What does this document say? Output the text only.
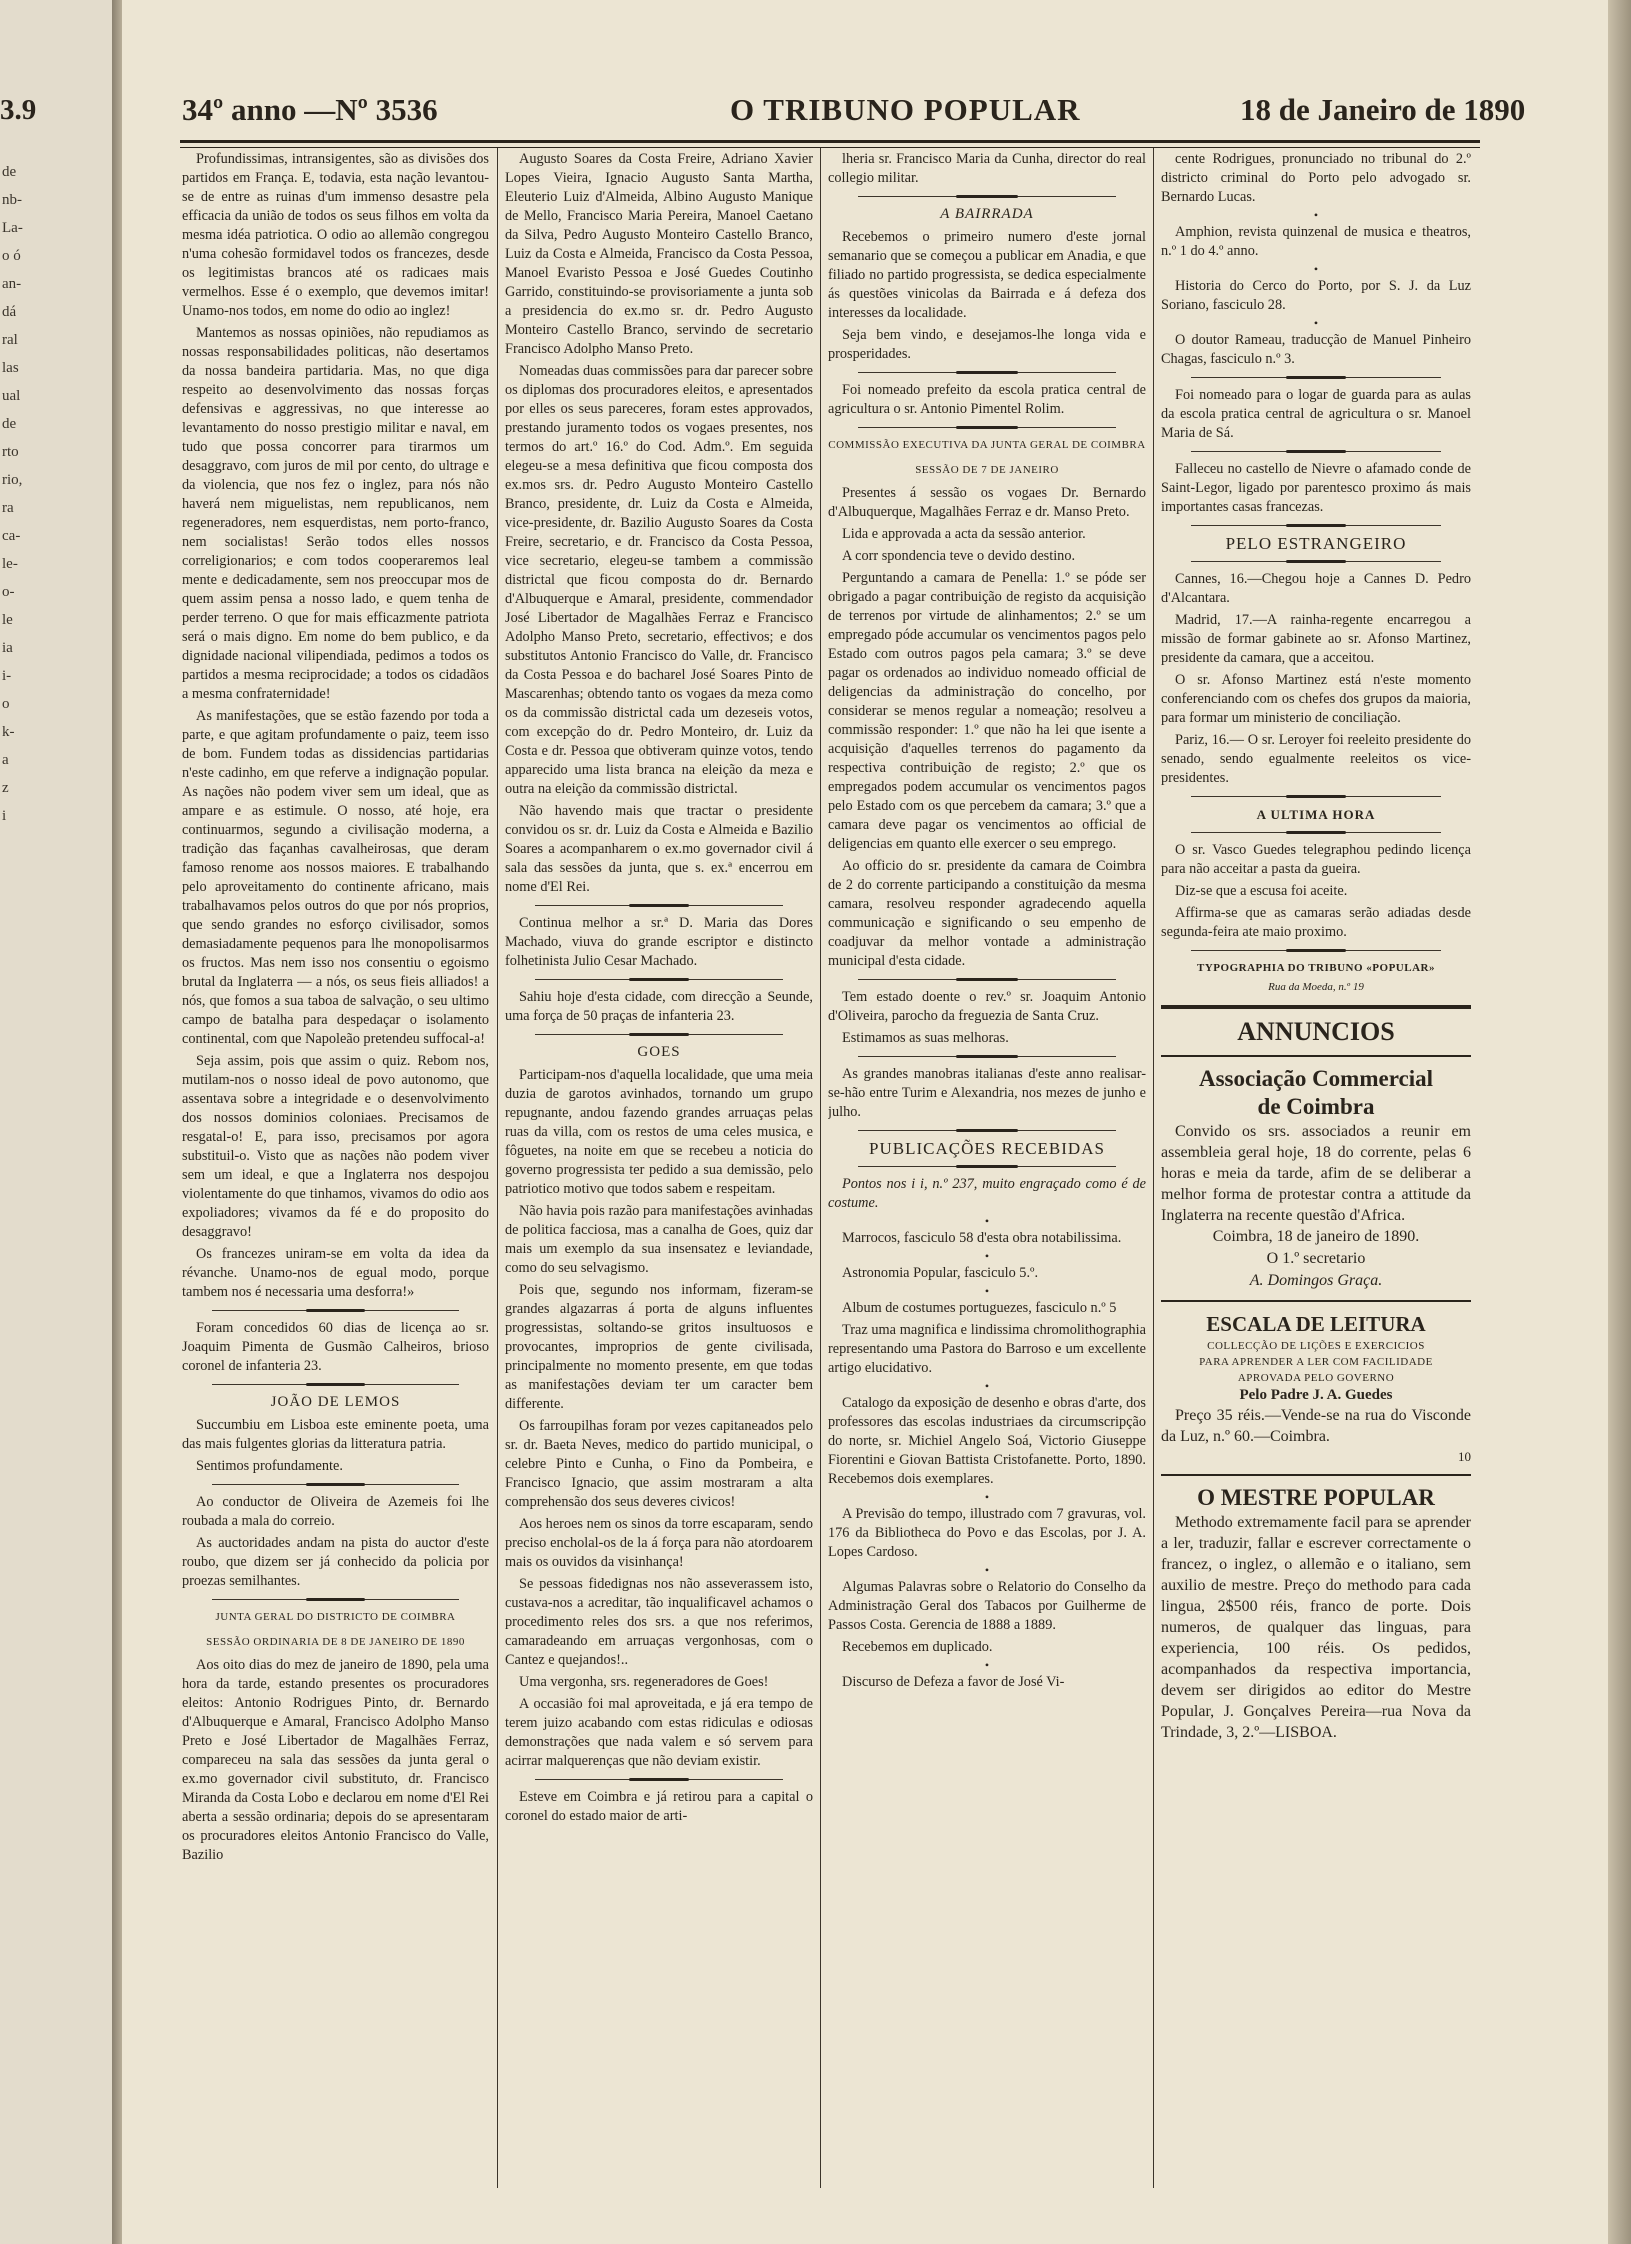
3.9
de
nb-
La-
o ó
an-
dá
ral
las
ual
de
rto
rio,
ra
ca-
le-
o-
le
ia
i-
o
k-
a
z
i
34º anno —Nº 3536	O TRIBUNO POPULAR	18 de Janeiro de 1890

Profundissimas, intransigentes, são as divisões dos partidos em França. E, todavia, esta nação levantou-se de entre as ruinas d'um immenso desastre pela efficacia da união de todos os seus filhos em volta da mesma idéa patriotica. O odio ao allemão congregou n'uma cohesão formidavel todos os francezes, desde os legitimistas brancos até os radicaes mais vermelhos. Esse é o exemplo, que devemos imitar! Unamo-nos todos, em nome do odio ao inglez!

Mantemos as nossas opiniões, não repudiamos as nossas responsabilidades politicas, não desertamos da nossa bandeira partidaria. Mas, no que diga respeito ao desenvolvimento das nossas forças defensivas e aggressivas, no que interesse ao levantamento do nosso prestigio militar e naval, em tudo que possa concorrer para tirarmos um desaggravo, com juros de mil por cento, do ultrage e da violencia, que nos fez o inglez, para nós não haverá nem miguelistas, nem republicanos, nem regeneradores, nem esquerdistas, nem porto-franco, nem socialistas! Serão todos elles nossos correligionarios; e com todos cooperaremos leal mente e dedicadamente, sem nos preoccupar mos de quem assim pensa a nosso lado, e quem tenha de perder terreno. O que for mais efficazmente patriota será o mais digno. Em nome do bem publico, e da dignidade nacional vilipendiada, pedimos a todos os partidos a mesma reciprocidade; a todos os cidadãos a mesma confraternidade!

As manifestações, que se estão fazendo por toda a parte, e que agitam profundamente o paiz, teem isso de bom. Fundem todas as dissidencias partidarias n'este cadinho, em que referve a indignação popular. As nações não podem viver sem um ideal, que as ampare e as estimule. O nosso, até hoje, era continuarmos, segundo a civilisação moderna, a tradição das façanhas cavalheirosas, que deram famoso renome aos nossos maiores. E trabalhando pelo aproveitamento do continente africano, mais trabalhavamos pelos outros do que por nós proprios, que sendo grandes no esforço civilisador, somos demasiadamente pequenos para lhe monopolisarmos os fructos. Mas nem isso nos consentiu o egoismo brutal da Inglaterra — a nós, os seus fieis alliados! a nós, que fomos a sua taboa de salvação, o seu ultimo campo de batalha para despedaçar o isolamento continental, com que Napoleão pretendeu suffocal-a!

Seja assim, pois que assim o quiz. Rebom nos, mutilam-nos o nosso ideal de povo autonomo, que assentava sobre a integridade e o desenvolvimento dos nossos dominios coloniaes. Precisamos de resgatal-o! E, para isso, precisamos por agora substituil-o. Visto que as nações não podem viver sem um ideal, e que a Inglaterra nos despojou violentamente do que tinhamos, vivamos do odio aos expoliadores; vivamos da fé e do proposito do desaggravo!

Os francezes uniram-se em volta da idea da révanche. Unamo-nos de egual modo, porque tambem nos é necessaria uma desforra!»

Foram concedidos 60 dias de licença ao sr. Joaquim Pimenta de Gusmão Calheiros, brioso coronel de infanteria 23.

JOÃO DE LEMOS

Succumbiu em Lisboa este eminente poeta, uma das mais fulgentes glorias da litteratura patria.

Sentimos profundamente.

Ao conductor de Oliveira de Azemeis foi lhe roubada a mala do correio.

As auctoridades andam na pista do auctor d'este roubo, que dizem ser já conhecido da policia por proezas semilhantes.

JUNTA GERAL DO DISTRICTO DE COIMBRA
SESSÃO ORDINARIA DE 8 DE JANEIRO DE 1890

Aos oito dias do mez de janeiro de 1890, pela uma hora da tarde, estando presentes os procuradores eleitos: Antonio Rodrigues Pinto, dr. Bernardo d'Albuquerque e Amaral, Francisco Adolpho Manso Preto e José Libertador de Magalhães Ferraz, compareceu na sala das sessões da junta geral o ex.mo governador civil substituto, dr. Francisco Miranda da Costa Lobo e declarou em nome d'El Rei aberta a sessão ordinaria; depois do se apresentaram os procuradores eleitos Antonio Francisco do Valle, Bazilio

Augusto Soares da Costa Freire, Adriano Xavier Lopes Vieira, Ignacio Augusto Santa Martha, Eleuterio Luiz d'Almeida, Albino Augusto Manique de Mello, Francisco Maria Pereira, Manoel Caetano da Silva, Pedro Augusto Monteiro Castello Branco, Luiz da Costa e Almeida, Francisco da Costa Pessoa, Manoel Evaristo Pessoa e José Guedes Coutinho Garrido, constituindo-se provisoriamente a junta sob a presidencia do ex.mo sr. dr. Pedro Augusto Monteiro Castello Branco, servindo de secretario Francisco Adolpho Manso Preto.

Nomeadas duas commissões para dar parecer sobre os diplomas dos procuradores eleitos, e apresentados por elles os seus pareceres, foram estes approvados, prestando juramento todos os vogaes presentes, nos termos do art.º 16.º do Cod. Adm.º. Em seguida elegeu-se a mesa definitiva que ficou composta dos ex.mos srs. dr. Pedro Augusto Monteiro Castello Branco, presidente, dr. Luiz da Costa e Almeida, vice-presidente, dr. Bazilio Augusto Soares da Costa Freire, secretario, e dr. Francisco da Costa Pessoa, vice secretario, elegeu-se tambem a commissão districtal que ficou composta do dr. Bernardo d'Albuquerque e Amaral, presidente, commendador José Libertador de Magalhães Ferraz e Francisco Adolpho Manso Preto, secretario, effectivos; e dos substitutos Antonio Francisco do Valle, dr. Francisco da Costa Pessoa e do bacharel José Soares Pinto de Mascarenhas; obtendo tanto os vogaes da meza como os da commissão districtal cada um dezeseis votos, com excepção do dr. Pedro Monteiro, dr. Luiz da Costa e dr. Pessoa que obtiveram quinze votos, tendo apparecido uma lista branca na eleição da meza e outra na eleição da commissão districtal.

Não havendo mais que tractar o presidente convidou os sr. dr. Luiz da Costa e Almeida e Bazilio Soares a acompanharem o ex.mo governador civil á sala das sessões da junta, que s. ex.ª encerrou em nome d'El Rei.

Continua melhor a sr.ª D. Maria das Dores Machado, viuva do grande escriptor e distincto folhetinista Julio Cesar Machado.

Sahiu hoje d'esta cidade, com direcção a Seunde, uma força de 50 praças de infanteria 23.

GOES

Participam-nos d'aquella localidade, que uma meia duzia de garotos avinhados, tornando um grupo repugnante, andou fazendo grandes arruaças pelas ruas da villa, com os restos de uma celes musica, e fôguetes, na noite em que se recebeu a noticia do governo progressista ter pedido a sua demissão, pelo patriotico motivo que todos sabem e respeitam.

Não havia pois razão para manifestações avinhadas de politica facciosa, mas a canalha de Goes, quiz dar mais um exemplo da sua insensatez e leviandade, como do seu selvagismo.

Pois que, segundo nos informam, fizeram-se grandes algazarras á porta de alguns influentes progressistas, soltando-se gritos insultuosos e provocantes, improprios de gente civilisada, principalmente no momento presente, em que todas as manifestações deviam ter um caracter bem differente.

Os farroupilhas foram por vezes capitaneados pelo sr. dr. Baeta Neves, medico do partido municipal, o celebre Pinto e Cunha, o Fino da Pombeira, e Francisco Ignacio, que assim mostraram a alta comprehensão dos seus deveres civicos!

Aos heroes nem os sinos da torre escaparam, sendo preciso encholal-os de la á força para não atordoarem mais os ouvidos da visinhança!

Se pessoas fidedignas nos não asseverassem isto, custava-nos a acreditar, tão inqualificavel achamos o procedimento reles dos srs. a que nos referimos, camaradeando em arruaças vergonhosas, com o Cantez e quejandos!..

Uma vergonha, srs. regeneradores de Goes!

A occasião foi mal aproveitada, e já era tempo de terem juizo acabando com estas ridiculas e odiosas demonstrações que nada valem e só servem para acirrar malquerenças que não deviam existir.

Esteve em Coimbra e já retirou para a capital o coronel do estado maior de arti-

lheria sr. Francisco Maria da Cunha, director do real collegio militar.

A BAIRRADA

Recebemos o primeiro numero d'este jornal semanario que se começou a publicar em Anadia, e que filiado no partido progressista, se dedica especialmente ás questões vinicolas da Bairrada e á defeza dos interesses da localidade.

Seja bem vindo, e desejamos-lhe longa vida e prosperidades.

Foi nomeado prefeito da escola pratica central de agricultura o sr. Antonio Pimentel Rolim.

COMMISSÃO EXECUTIVA DA JUNTA GERAL DE COIMBRA
SESSÃO DE 7 DE JANEIRO

Presentes á sessão os vogaes Dr. Bernardo d'Albuquerque, Magalhães Ferraz e dr. Manso Preto.

Lida e approvada a acta da sessão anterior.

A corr spondencia teve o devido destino.

Perguntando a camara de Penella: 1.º se póde ser obrigado a pagar contribuição de registo da acquisição de terrenos por virtude de alinhamentos; 2.º se um empregado póde accumular os vencimentos pagos pelo Estado com outros pagos pela camara; 3.º se deve pagar os ordenados ao individuo nomeado official de deligencias da administração do concelho, por considerar se menos regular a nomeação; resolveu a commissão responder: 1.º que não ha lei que isente a acquisição d'aquelles terrenos do pagamento da respectiva contribuição de registo; 2.º que os empregados podem accumular os vencimentos pagos pelo Estado com os que percebem da camara; 3.º que a camara deve pagar os vencimentos ao official de deligencias em quanto elle exercer o seu emprego.

Ao officio do sr. presidente da camara de Coimbra de 2 do corrente participando a constituição da mesma camara, resolveu responder agradecendo aquella communicação e significando o seu empenho de coadjuvar da melhor vontade a administração municipal d'esta cidade.

Tem estado doente o rev.º sr. Joaquim Antonio d'Oliveira, parocho da freguezia de Santa Cruz.

Estimamos as suas melhoras.

As grandes manobras italianas d'este anno realisar-se-hão entre Turim e Alexandria, nos mezes de junho e julho.

PUBLICAÇÕES RECEBIDAS

Pontos nos i i, n.º 237, muito engraçado como é de costume.

•

Marrocos, fasciculo 58 d'esta obra notabilissima.

•

Astronomia Popular, fasciculo 5.º.

•

Album de costumes portuguezes, fasciculo n.º 5

Traz uma magnifica e lindissima chromolithographia representando uma Pastora do Barroso e um excellente artigo elucidativo.

•

Catalogo da exposição de desenho e obras d'arte, dos professores das escolas industriaes da circumscripção do norte, sr. Michiel Angelo Soá, Victorio Giuseppe Fiorentini e Giovan Battista Cristofanette. Porto, 1890. Recebemos dois exemplares.

•

A Previsão do tempo, illustrado com 7 gravuras, vol. 176 da Bibliotheca do Povo e das Escolas, por J. A. Lopes Cardoso.

•

Algumas Palavras sobre o Relatorio do Conselho da Administração Geral dos Tabacos por Guilherme de Passos Costa. Gerencia de 1888 a 1889.

Recebemos em duplicado.

•

Discurso de Defeza a favor de José Vi-

cente Rodrigues, pronunciado no tribunal do 2.º districto criminal do Porto pelo advogado sr. Bernardo Lucas.

•

Amphion, revista quinzenal de musica e theatros, n.º 1 do 4.º anno.

•

Historia do Cerco do Porto, por S. J. da Luz Soriano, fasciculo 28.

•

O doutor Rameau, traducção de Manuel Pinheiro Chagas, fasciculo n.º 3.

Foi nomeado para o logar de guarda para as aulas da escola pratica central de agricultura o sr. Manoel Maria de Sá.

Falleceu no castello de Nievre o afamado conde de Saint-Legor, ligado por parentesco proximo ás mais importantes casas francezas.

PELO ESTRANGEIRO

Cannes, 16.—Chegou hoje a Cannes D. Pedro d'Alcantara.

Madrid, 17.—A rainha-regente encarregou a missão de formar gabinete ao sr. Afonso Martinez, presidente da camara, que a acceitou.

O sr. Afonso Martinez está n'este momento conferenciando com os chefes dos grupos da maioria, para formar um ministerio de conciliação.

Pariz, 16.— O sr. Leroyer foi reeleito presidente do senado, sendo egualmente reeleitos os vice-presidentes.

A ULTIMA HORA

O sr. Vasco Guedes telegraphou pedindo licença para não acceitar a pasta da gueira.

Diz-se que a escusa foi aceite.

Affirma-se que as camaras serão adiadas desde segunda-feira ate maio proximo.

TYPOGRAPHIA DO TRIBUNO «POPULAR»
Rua da Moeda, n.º 19
ANNUNCIOS
Associação Commercial
de Coimbra

Convido os srs. associados a reunir em assembleia geral hoje, 18 do corrente, pelas 6 horas e meia da tarde, afim de se deliberar a melhor forma de protestar contra a attitude da Inglaterra na recente questão d'Africa.

Coimbra, 18 de janeiro de 1890.
O 1.º secretario
A. Domingos Graça.
ESCALA DE LEITURA
COLLECÇÃO DE LIÇÕES E EXERCICIOS
PARA APRENDER A LER COM FACILIDADE
APROVADA PELO GOVERNO
Pelo Padre J. A. Guedes

Preço 35 réis.—Vende-se na rua do Visconde da Luz, n.º 60.—Coimbra.

10
O MESTRE POPULAR

Methodo extremamente facil para se aprender a ler, traduzir, fallar e escrever correctamente o francez, o inglez, o allemão e o italiano, sem auxilio de mestre. Preço do methodo para cada lingua, 2$500 réis, franco de porte. Dois numeros, de qualquer das linguas, para experiencia, 100 réis. Os pedidos, acompanhados da respectiva importancia, devem ser dirigidos ao editor do Mestre Popular, J. Gonçalves Pereira—rua Nova da Trindade, 3, 2.º—LISBOA.
